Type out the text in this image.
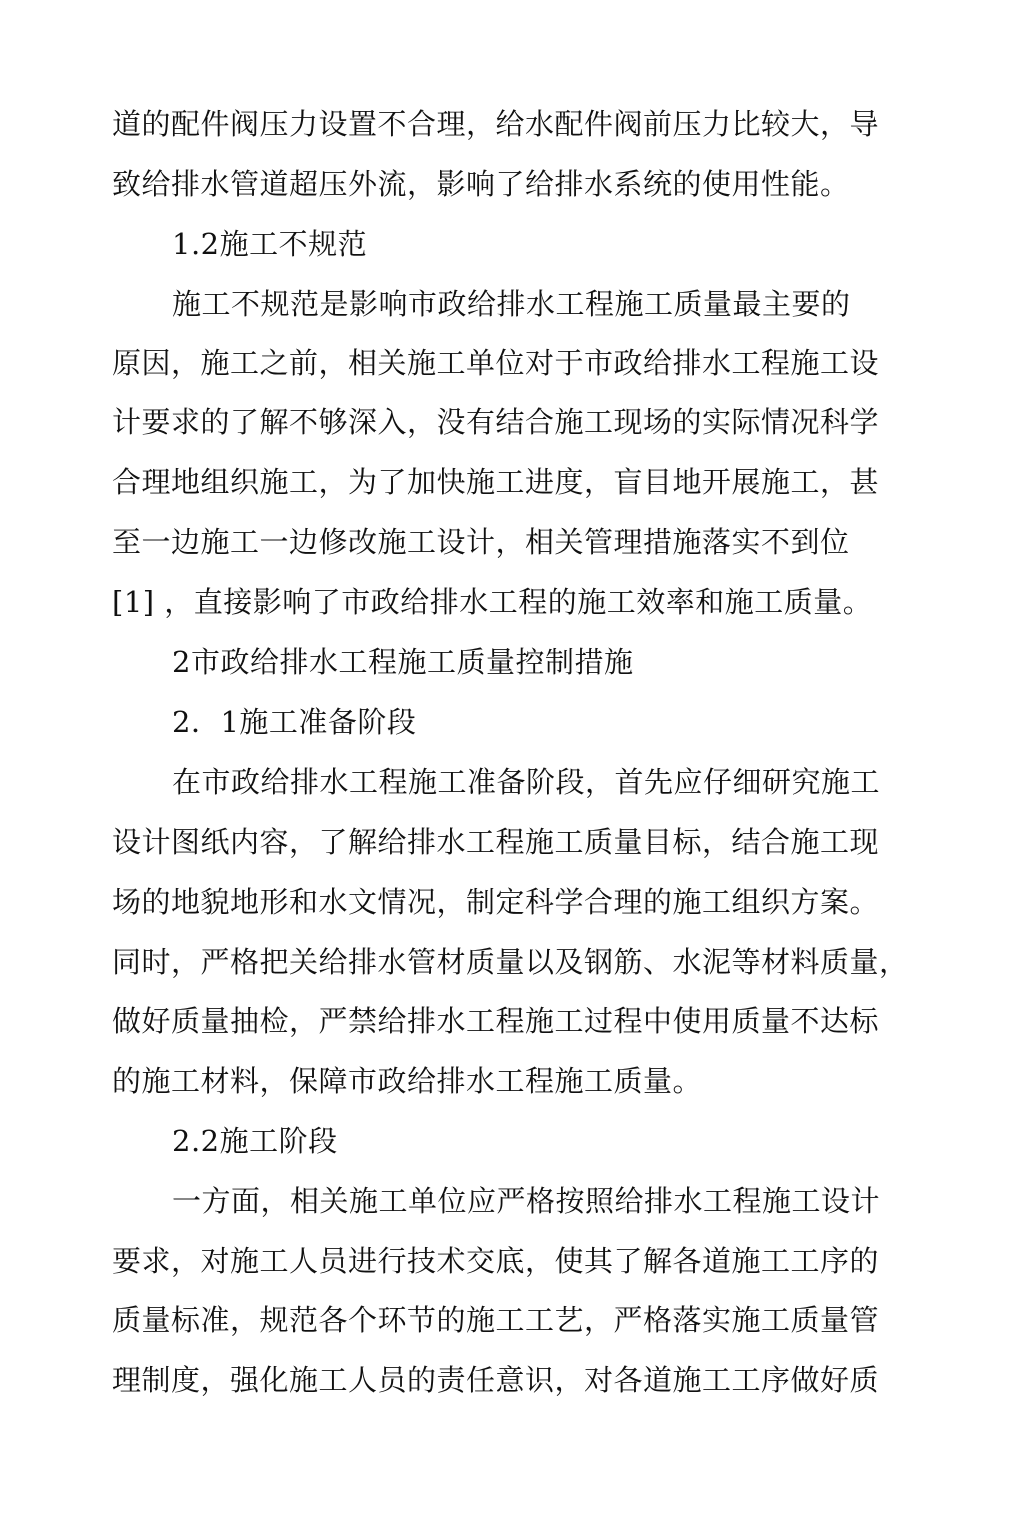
道的配件阀压力设置不合理，给水配件阀前压力比较大，导
致给排水管道超压外流，影响了给排水系统的使用性能。
1.2施工不规范
施工不规范是影响市政给排水工程施工质量最主要的
原因，施工之前，相关施工单位对于市政给排水工程施工设
计要求的了解不够深入，没有结合施工现场的实际情况科学
合理地组织施工，为了加快施工进度，盲目地开展施工，甚
至一边施工一边修改施工设计，相关管理措施落实不到位
[1] ，直接影响了市政给排水工程的施工效率和施工质量。
2市政给排水工程施工质量控制措施
2．1施工准备阶段
在市政给排水工程施工准备阶段，首先应仔细研究施工
设计图纸内容，了解给排水工程施工质量目标，结合施工现
场的地貌地形和水文情况，制定科学合理的施工组织方案。
同时，严格把关给排水管材质量以及钢筋、水泥等材料质量，
做好质量抽检，严禁给排水工程施工过程中使用质量不达标
的施工材料，保障市政给排水工程施工质量。
2.2施工阶段
一方面，相关施工单位应严格按照给排水工程施工设计
要求，对施工人员进行技术交底，使其了解各道施工工序的
质量标准，规范各个环节的施工工艺，严格落实施工质量管
理制度，强化施工人员的责任意识，对各道施工工序做好质
